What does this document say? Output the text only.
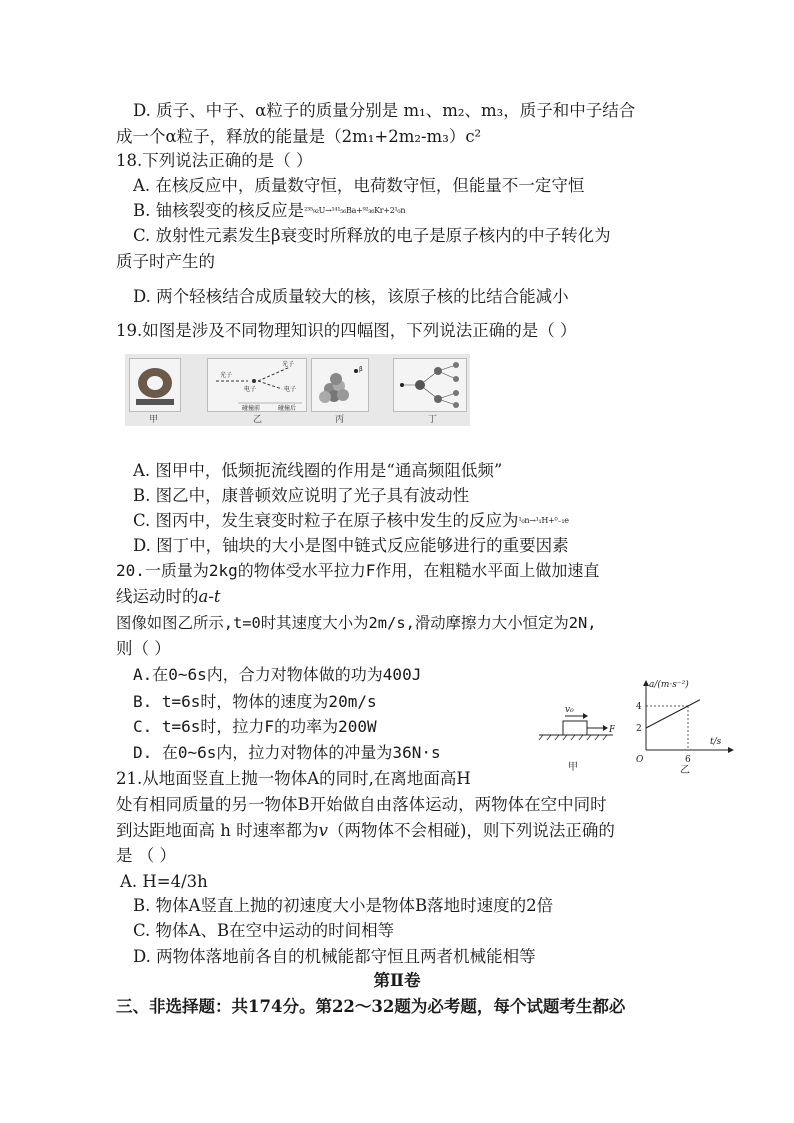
D. 质子、中子、α粒子的质量分别是 m₁、m₂、m₃，质子和中子结合
成一个α粒子，释放的能量是（2m₁+2m₂-m₃）c²
18.下列说法正确的是（ ）
A. 在核反应中，质量数守恒，电荷数守恒，但能量不一定守恒
B. 铀核裂变的核反应是²³⁵₉₂U→¹⁴¹₅₆Ba+⁹²₃₆Kr+2¹₀n
C. 放射性元素发生β衰变时所释放的电子是原子核内的中子转化为
质子时产生的
D. 两个轻核结合成质量较大的核，该原子核的比结合能减小
19.如图是涉及不同物理知识的四幅图，下列说法正确的是（ ）
甲
光子
光子
电子	电子
碰撞前	碰撞后
乙
β
丙	丁
A. 图甲中，低频扼流线圈的作用是“通高频阻低频”
B. 图乙中，康普顿效应说明了光子具有波动性
C. 图丙中，发生衰变时粒子在原子核中发生的反应为¹₀n→¹₁H+⁰₋₁e
D. 图丁中，铀块的大小是图中链式反应能够进行的重要因素
20.一质量为2kg的物体受水平拉力F作用，在粗糙水平面上做加速直
线运动时的a-t
图像如图乙所示,t=0时其速度大小为2m/s,滑动摩擦力大小恒定为2N,
则（ ）
A.在0~6s内，合力对物体做的功为400J
B. t=6s时，物体的速度为20m/s
C. t=6s时，拉力F的功率为200W
D. 在0~6s内，拉力对物体的冲量为36N·s
v₀
F
甲
a/(m·s⁻²)
t/s
O
4
2
6
乙
21.从地面竖直上抛一物体A的同时,在离地面高H
处有相同质量的另一物体B开始做自由落体运动，两物体在空中同时
到达距地面高 h 时速率都为v（两物体不会相碰)，则下列说法正确的
是 （ ）
A. H=4/3h
B. 物体A竖直上抛的初速度大小是物体B落地时速度的2倍
C. 物体A、B在空中运动的时间相等
D. 两物体落地前各自的机械能都守恒且两者机械能相等
第Ⅱ卷
三、非选择题：共174分。第22～32题为必考题，每个试题考生都必
